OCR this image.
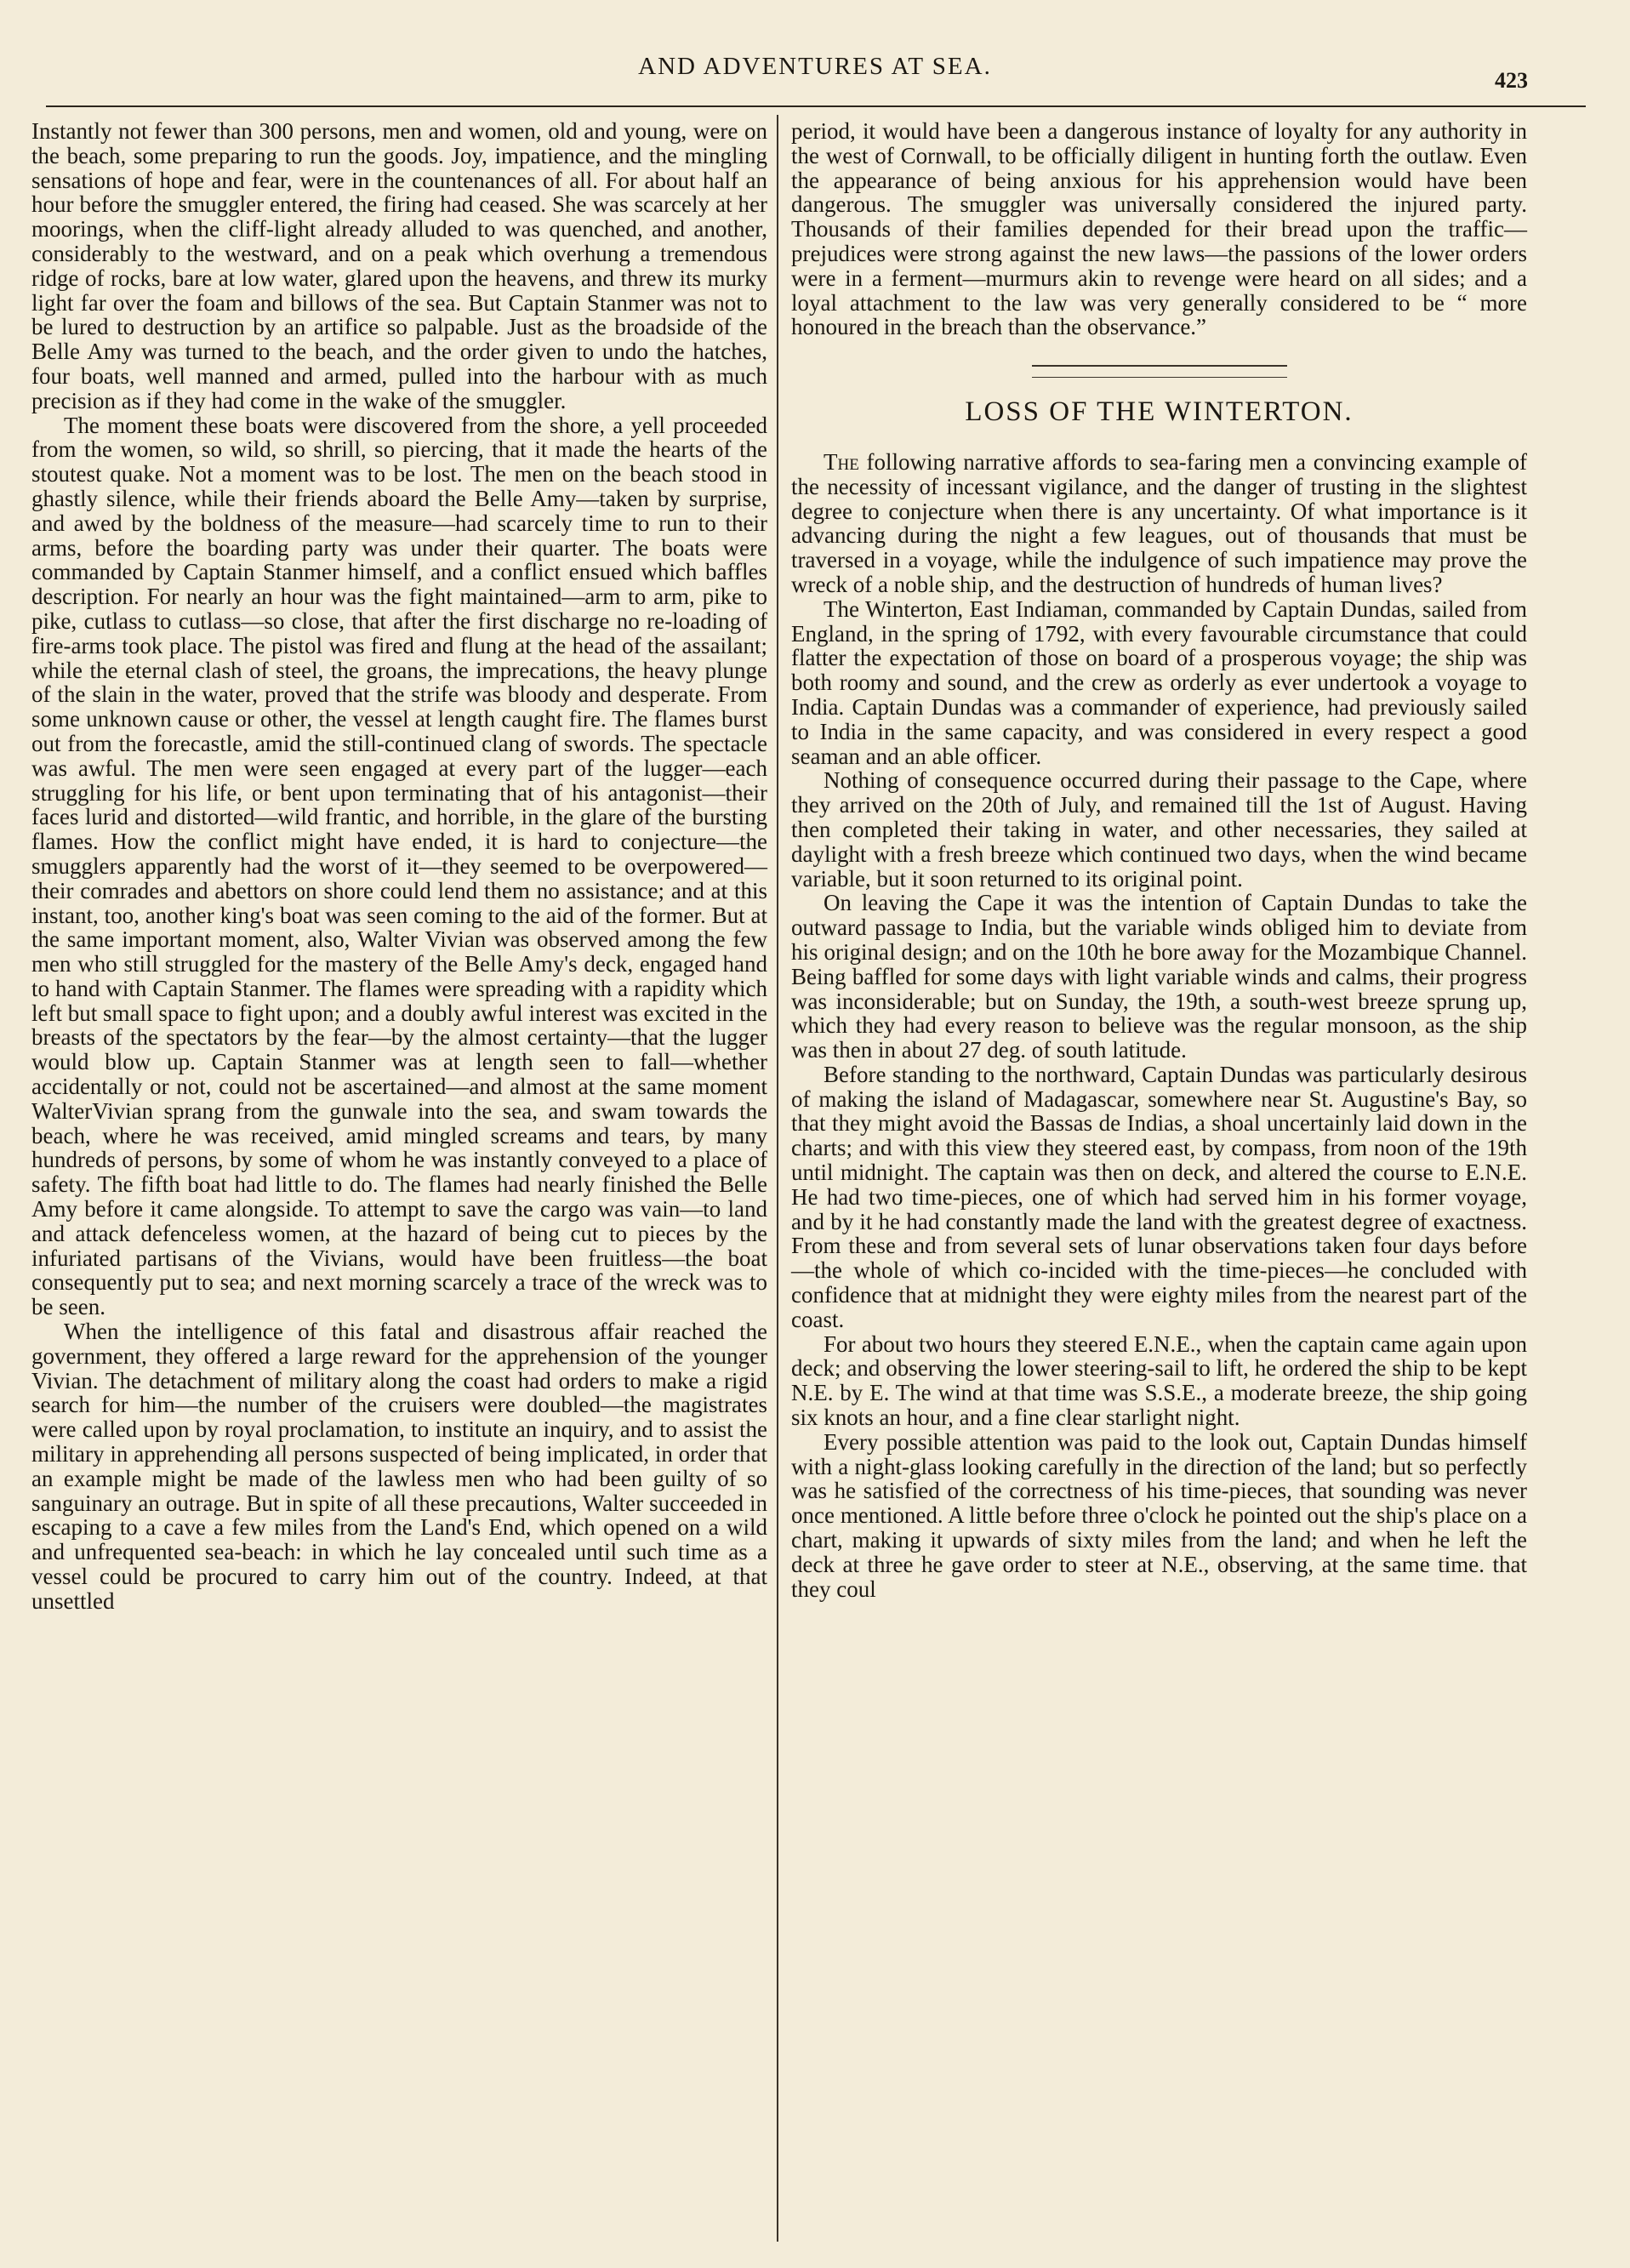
AND ADVENTURES AT SEA.
423

Instantly not fewer than 300 persons, men and women, old and young, were on the beach, some preparing to run the goods. Joy, impatience, and the mingling sensations of hope and fear, were in the countenances of all. For about half an hour before the smuggler entered, the firing had ceased. She was scarcely at her moorings, when the cliff-light already alluded to was quenched, and another, considerably to the westward, and on a peak which overhung a tremendous ridge of rocks, bare at low water, glared upon the heavens, and threw its murky light far over the foam and billows of the sea. But Captain Stanmer was not to be lured to destruction by an artifice so palpable. Just as the broadside of the Belle Amy was turned to the beach, and the order given to undo the hatches, four boats, well manned and armed, pulled into the harbour with as much precision as if they had come in the wake of the smuggler.

The moment these boats were discovered from the shore, a yell proceeded from the women, so wild, so shrill, so piercing, that it made the hearts of the stoutest quake. Not a moment was to be lost. The men on the beach stood in ghastly silence, while their friends aboard the Belle Amy—taken by surprise, and awed by the boldness of the measure—had scarcely time to run to their arms, before the boarding party was under their quarter. The boats were commanded by Captain Stanmer himself, and a conflict ensued which baffles description. For nearly an hour was the fight maintained—arm to arm, pike to pike, cutlass to cutlass—so close, that after the first discharge no re-loading of fire-arms took place. The pistol was fired and flung at the head of the assailant; while the eternal clash of steel, the groans, the imprecations, the heavy plunge of the slain in the water, proved that the strife was bloody and desperate. From some unknown cause or other, the vessel at length caught fire. The flames burst out from the forecastle, amid the still-continued clang of swords. The spectacle was awful. The men were seen engaged at every part of the lugger—each struggling for his life, or bent upon terminating that of his antagonist—their faces lurid and distorted—wild frantic, and horrible, in the glare of the bursting flames. How the conflict might have ended, it is hard to conjecture—the smugglers apparently had the worst of it—they seemed to be overpowered—their comrades and abettors on shore could lend them no assistance; and at this instant, too, another king's boat was seen coming to the aid of the former. But at the same important moment, also, Walter Vivian was observed among the few men who still struggled for the mastery of the Belle Amy's deck, engaged hand to hand with Captain Stanmer. The flames were spreading with a rapidity which left but small space to fight upon; and a doubly awful interest was excited in the breasts of the spectators by the fear—by the almost certainty—that the lugger would blow up. Captain Stanmer was at length seen to fall—whether accidentally or not, could not be ascertained—and almost at the same moment WalterVivian sprang from the gunwale into the sea, and swam towards the beach, where he was received, amid mingled screams and tears, by many hundreds of persons, by some of whom he was instantly conveyed to a place of safety. The fifth boat had little to do. The flames had nearly finished the Belle Amy before it came alongside. To attempt to save the cargo was vain—to land and attack defenceless women, at the hazard of being cut to pieces by the infuriated partisans of the Vivians, would have been fruitless—the boat consequently put to sea; and next morning scarcely a trace of the wreck was to be seen.

When the intelligence of this fatal and disastrous affair reached the government, they offered a large reward for the apprehension of the younger Vivian. The detachment of military along the coast had orders to make a rigid search for him—the number of the cruisers were doubled—the magistrates were called upon by royal proclamation, to institute an inquiry, and to assist the military in apprehending all persons suspected of being implicated, in order that an example might be made of the lawless men who had been guilty of so sanguinary an outrage. But in spite of all these precautions, Walter succeeded in escaping to a cave a few miles from the Land's End, which opened on a wild and unfrequented sea-beach: in which he lay concealed until such time as a vessel could be procured to carry him out of the country. Indeed, at that unsettled

period, it would have been a dangerous instance of loyalty for any authority in the west of Cornwall, to be officially diligent in hunting forth the outlaw. Even the appearance of being anxious for his apprehension would have been dangerous. The smuggler was universally considered the injured party. Thousands of their families depended for their bread upon the traffic—prejudices were strong against the new laws—the passions of the lower orders were in a ferment—murmurs akin to revenge were heard on all sides; and a loyal attachment to the law was very generally considered to be “ more honoured in the breach than the observance.”

LOSS OF THE WINTERTON.

The following narrative affords to sea-faring men a convincing example of the necessity of incessant vigilance, and the danger of trusting in the slightest degree to conjecture when there is any uncertainty. Of what importance is it advancing during the night a few leagues, out of thousands that must be traversed in a voyage, while the indulgence of such impatience may prove the wreck of a noble ship, and the destruction of hundreds of human lives?

The Winterton, East Indiaman, commanded by Captain Dundas, sailed from England, in the spring of 1792, with every favourable circumstance that could flatter the expectation of those on board of a prosperous voyage; the ship was both roomy and sound, and the crew as orderly as ever undertook a voyage to India. Captain Dundas was a commander of experience, had previously sailed to India in the same capacity, and was considered in every respect a good seaman and an able officer.

Nothing of consequence occurred during their passage to the Cape, where they arrived on the 20th of July, and remained till the 1st of August. Having then completed their taking in water, and other necessaries, they sailed at daylight with a fresh breeze which continued two days, when the wind became variable, but it soon returned to its original point.

On leaving the Cape it was the intention of Captain Dundas to take the outward passage to India, but the variable winds obliged him to deviate from his original design; and on the 10th he bore away for the Mozambique Channel. Being baffled for some days with light variable winds and calms, their progress was inconsiderable; but on Sunday, the 19th, a south-west breeze sprung up, which they had every reason to believe was the regular monsoon, as the ship was then in about 27 deg. of south latitude.

Before standing to the northward, Captain Dundas was particularly desirous of making the island of Madagascar, somewhere near St. Augustine's Bay, so that they might avoid the Bassas de Indias, a shoal uncertainly laid down in the charts; and with this view they steered east, by compass, from noon of the 19th until midnight. The captain was then on deck, and altered the course to E.N.E. He had two time-pieces, one of which had served him in his former voyage, and by it he had constantly made the land with the greatest degree of exactness. From these and from several sets of lunar observations taken four days before—the whole of which co-incided with the time-pieces—he concluded with confidence that at midnight they were eighty miles from the nearest part of the coast.

For about two hours they steered E.N.E., when the captain came again upon deck; and observing the lower steering-sail to lift, he ordered the ship to be kept N.E. by E. The wind at that time was S.S.E., a moderate breeze, the ship going six knots an hour, and a fine clear starlight night.

Every possible attention was paid to the look out, Captain Dundas himself with a night-glass looking carefully in the direction of the land; but so perfectly was he satisfied of the correctness of his time-pieces, that sounding was never once mentioned. A little before three o'clock he pointed out the ship's place on a chart, making it upwards of sixty miles from the land; and when he left the deck at three he gave order to steer at N.E., observing, at the same time. that they coul
